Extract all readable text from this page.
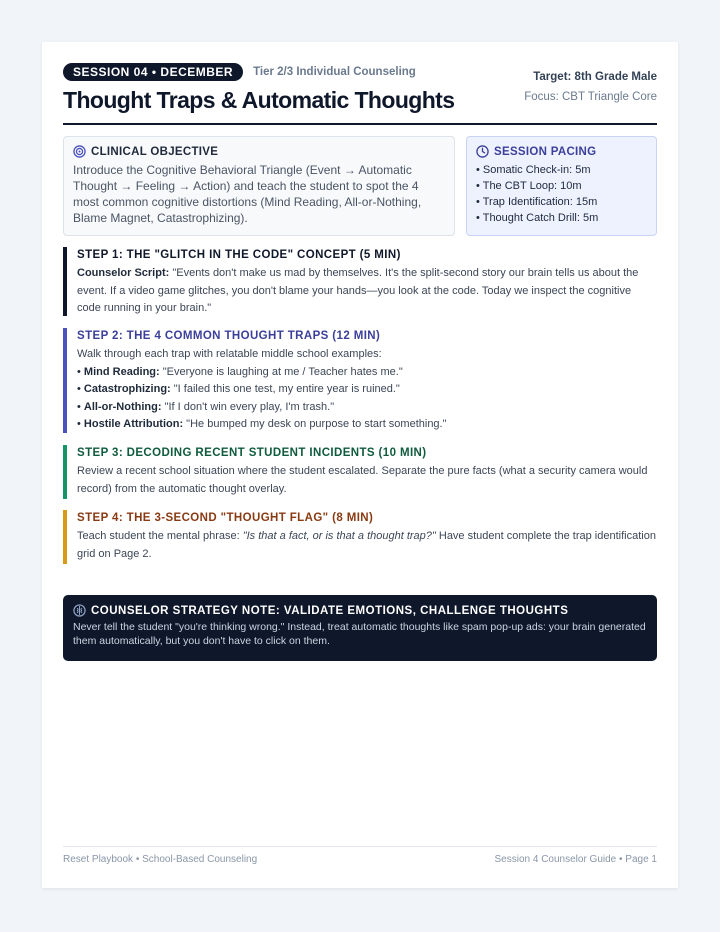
SESSION 04 • DECEMBER	Tier 2/3 Individual Counseling
Thought Traps & Automatic Thoughts
Target: 8th Grade Male
Focus: CBT Triangle Core
CLINICAL OBJECTIVE
Introduce the Cognitive Behavioral Triangle (Event → Automatic Thought → Feeling → Action) and teach the student to spot the 4 most common cognitive distortions (Mind Reading, All-or-Nothing, Blame Magnet, Catastrophizing).
SESSION PACING
• Somatic Check-in: 5m
• The CBT Loop: 10m
• Trap Identification: 15m
• Thought Catch Drill: 5m
STEP 1: THE "GLITCH IN THE CODE" CONCEPT (5 MIN)
Counselor Script: "Events don't make us mad by themselves. It's the split-second story our brain tells us about the event. If a video game glitches, you don't blame your hands—you look at the code. Today we inspect the cognitive code running in your brain."
STEP 2: THE 4 COMMON THOUGHT TRAPS (12 MIN)
Walk through each trap with relatable middle school examples:
• Mind Reading: "Everyone is laughing at me / Teacher hates me."
• Catastrophizing: "I failed this one test, my entire year is ruined."
• All-or-Nothing: "If I don't win every play, I'm trash."
• Hostile Attribution: "He bumped my desk on purpose to start something."
STEP 3: DECODING RECENT STUDENT INCIDENTS (10 MIN)
Review a recent school situation where the student escalated. Separate the pure facts (what a security camera would record) from the automatic thought overlay.
STEP 4: THE 3-SECOND "THOUGHT FLAG" (8 MIN)
Teach student the mental phrase: "Is that a fact, or is that a thought trap?" Have student complete the trap identification grid on Page 2.
COUNSELOR STRATEGY NOTE: VALIDATE EMOTIONS, CHALLENGE THOUGHTS
Never tell the student "you're thinking wrong." Instead, treat automatic thoughts like spam pop-up ads: your brain generated them automatically, but you don't have to click on them.
Reset Playbook • School-Based Counseling	Session 4 Counselor Guide • Page 1
